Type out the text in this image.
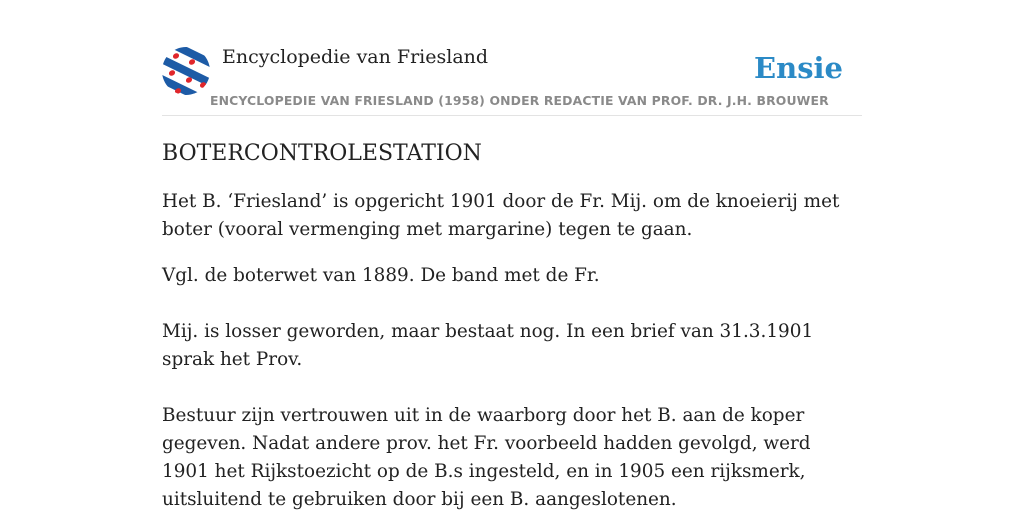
Encyclopedie van Friesland	Ensie
ENCYCLOPEDIE VAN FRIESLAND (1958) ONDER REDACTIE VAN PROF. DR. J.H. BROUWER
BOTERCONTROLESTATION

Het B. ‘Friesland’ is opgericht 1901 door de Fr. Mij. om de knoeierij met boter (vooral vermenging met margarine) tegen te gaan.

Vgl. de boterwet van 1889. De band met de Fr.

Mij. is losser geworden, maar bestaat nog. In een brief van 31.3.1901 sprak het Prov.

Bestuur zijn vertrouwen uit in de waarborg door het B. aan de koper gegeven. Nadat andere prov. het Fr. voorbeeld hadden gevolgd, werd 1901 het Rijkstoezicht op de B.s ingesteld, en in 1905 een rijksmerk, uitsluitend te gebruiken door bij een B. aangeslotenen.
